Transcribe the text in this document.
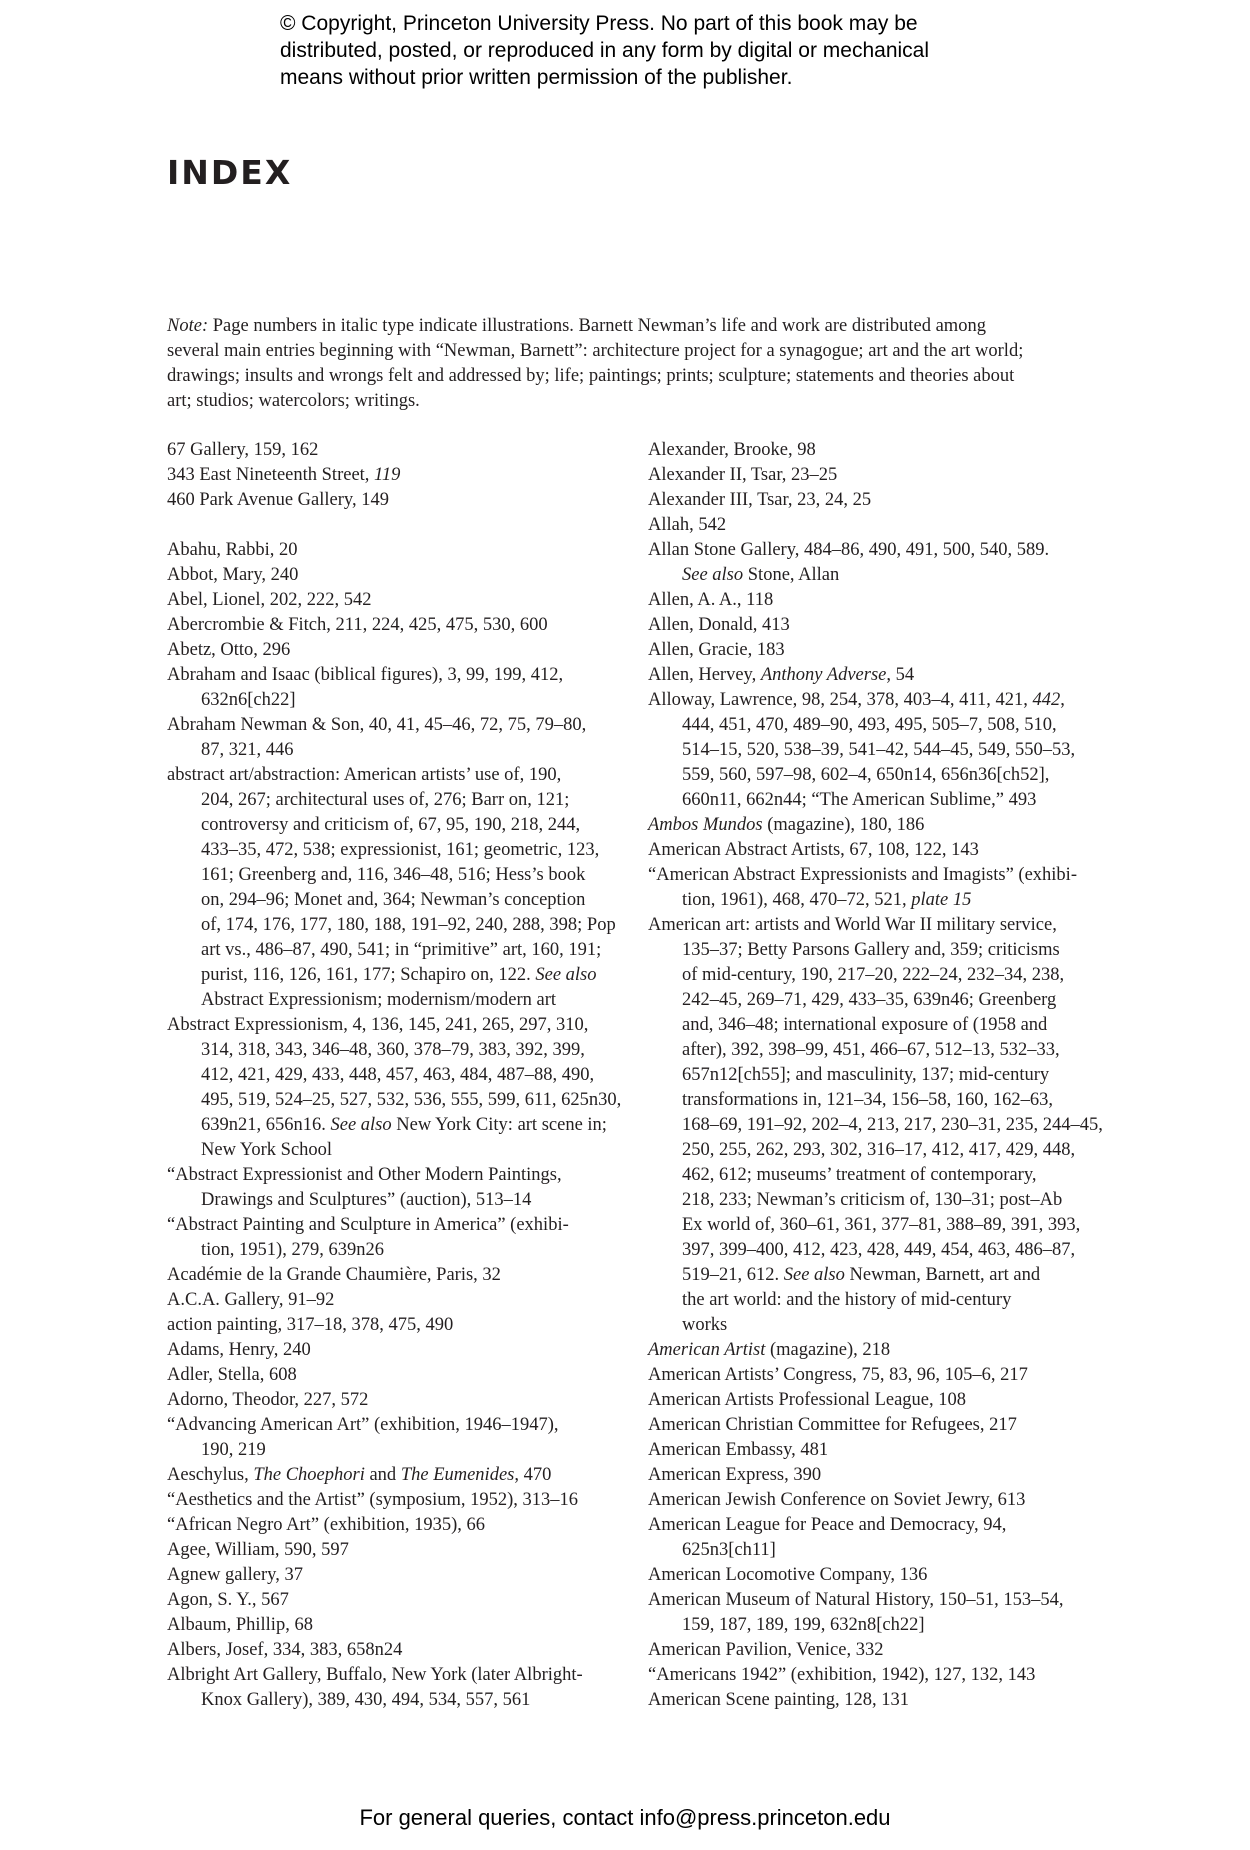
© Copyright, Princeton University Press. No part of this book may be
distributed, posted, or reproduced in any form by digital or mechanical
means without prior written permission of the publisher.
INDEX
Note: Page numbers in italic type indicate illustrations. Barnett Newman’s life and work are distributed among
several main entries beginning with “Newman, Barnett”: architecture project for a synagogue; art and the art world;
drawings; insults and wrongs felt and addressed by; life; paintings; prints; sculpture; statements and theories about
art; studios; watercolors; writings.
67 Gallery, 159, 162
343 East Nineteenth Street, 119
460 Park Avenue Gallery, 149
Abahu, Rabbi, 20
Abbot, Mary, 240
Abel, Lionel, 202, 222, 542
Abercrombie & Fitch, 211, 224, 425, 475, 530, 600
Abetz, Otto, 296
Abraham and Isaac (biblical figures), 3, 99, 199, 412,
632n6[ch22]
Abraham Newman & Son, 40, 41, 45–46, 72, 75, 79–80,
87, 321, 446
abstract art/abstraction: American artists’ use of, 190,
204, 267; architectural uses of, 276; Barr on, 121;
controversy and criticism of, 67, 95, 190, 218, 244,
433–35, 472, 538; expressionist, 161; geometric, 123,
161; Greenberg and, 116, 346–48, 516; Hess’s book
on, 294–96; Monet and, 364; Newman’s conception
of, 174, 176, 177, 180, 188, 191–92, 240, 288, 398; Pop
art vs., 486–87, 490, 541; in “primitive” art, 160, 191;
purist, 116, 126, 161, 177; Schapiro on, 122. See also
Abstract Expressionism; modernism/modern art
Abstract Expressionism, 4, 136, 145, 241, 265, 297, 310,
314, 318, 343, 346–48, 360, 378–79, 383, 392, 399,
412, 421, 429, 433, 448, 457, 463, 484, 487–88, 490,
495, 519, 524–25, 527, 532, 536, 555, 599, 611, 625n30,
639n21, 656n16. See also New York City: art scene in;
New York School
“Abstract Expressionist and Other Modern Paintings,
Drawings and Sculptures” (auction), 513–14
“Abstract Painting and Sculpture in America” (exhibi-
tion, 1951), 279, 639n26
Académie de la Grande Chaumière, Paris, 32
A.C.A. Gallery, 91–92
action painting, 317–18, 378, 475, 490
Adams, Henry, 240
Adler, Stella, 608
Adorno, Theodor, 227, 572
“Advancing American Art” (exhibition, 1946–1947),
190, 219
Aeschylus, The Choephori and The Eumenides, 470
“Aesthetics and the Artist” (symposium, 1952), 313–16
“African Negro Art” (exhibition, 1935), 66
Agee, William, 590, 597
Agnew gallery, 37
Agon, S. Y., 567
Albaum, Phillip, 68
Albers, Josef, 334, 383, 658n24
Albright Art Gallery, Buffalo, New York (later Albright-
Knox Gallery), 389, 430, 494, 534, 557, 561
Alexander, Brooke, 98
Alexander II, Tsar, 23–25
Alexander III, Tsar, 23, 24, 25
Allah, 542
Allan Stone Gallery, 484–86, 490, 491, 500, 540, 589.
See also Stone, Allan
Allen, A. A., 118
Allen, Donald, 413
Allen, Gracie, 183
Allen, Hervey, Anthony Adverse, 54
Alloway, Lawrence, 98, 254, 378, 403–4, 411, 421, 442,
444, 451, 470, 489–90, 493, 495, 505–7, 508, 510,
514–15, 520, 538–39, 541–42, 544–45, 549, 550–53,
559, 560, 597–98, 602–4, 650n14, 656n36[ch52],
660n11, 662n44; “The American Sublime,” 493
Ambos Mundos (magazine), 180, 186
American Abstract Artists, 67, 108, 122, 143
“American Abstract Expressionists and Imagists” (exhibi-
tion, 1961), 468, 470–72, 521, plate 15
American art: artists and World War II military service,
135–37; Betty Parsons Gallery and, 359; criticisms
of mid-century, 190, 217–20, 222–24, 232–34, 238,
242–45, 269–71, 429, 433–35, 639n46; Greenberg
and, 346–48; international exposure of (1958 and
after), 392, 398–99, 451, 466–67, 512–13, 532–33,
657n12[ch55]; and masculinity, 137; mid-century
transformations in, 121–34, 156–58, 160, 162–63,
168–69, 191–92, 202–4, 213, 217, 230–31, 235, 244–45,
250, 255, 262, 293, 302, 316–17, 412, 417, 429, 448,
462, 612; museums’ treatment of contemporary,
218, 233; Newman’s criticism of, 130–31; post–Ab
Ex world of, 360–61, 361, 377–81, 388–89, 391, 393,
397, 399–400, 412, 423, 428, 449, 454, 463, 486–87,
519–21, 612. See also Newman, Barnett, art and
the art world: and the history of mid-century
works
American Artist (magazine), 218
American Artists’ Congress, 75, 83, 96, 105–6, 217
American Artists Professional League, 108
American Christian Committee for Refugees, 217
American Embassy, 481
American Express, 390
American Jewish Conference on Soviet Jewry, 613
American League for Peace and Democracy, 94,
625n3[ch11]
American Locomotive Company, 136
American Museum of Natural History, 150–51, 153–54,
159, 187, 189, 199, 632n8[ch22]
American Pavilion, Venice, 332
“Americans 1942” (exhibition, 1942), 127, 132, 143
American Scene painting, 128, 131
For general queries, contact info@press.princeton.edu
